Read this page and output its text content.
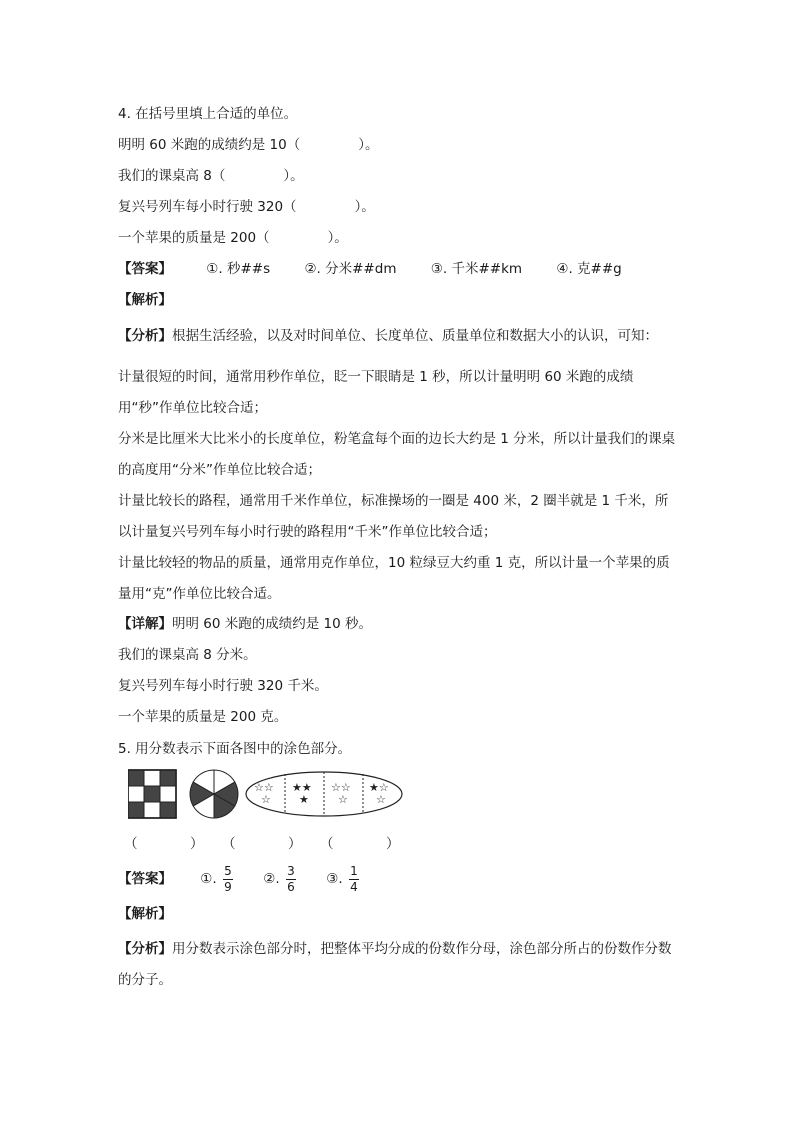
4. 在括号里填上合适的单位。
明明 60 米跑的成绩约是 10（	）。
我们的课桌高 8（	）。
复兴号列车每小时行驶 320（	）。
一个苹果的质量是 200（	）。
【答案】	①. 秒##s	②. 分米##dm	③. 千米##km	④. 克##g
【解析】
【分析】根据生活经验，以及对时间单位、长度单位、质量单位和数据大小的认识，可知：
计量很短的时间，通常用秒作单位，眨一下眼睛是 1 秒，所以计量明明 60 米跑的成绩用“秒”作单位比较合适；
分米是比厘米大比米小的长度单位，粉笔盒每个面的边长大约是 1 分米，所以计量我们的课桌的高度用“分米”作单位比较合适；
计量比较长的路程，通常用千米作单位，标准操场的一圈是 400 米，2 圈半就是 1 千米，所以计量复兴号列车每小时行驶的路程用“千米”作单位比较合适；
计量比较轻的物品的质量，通常用克作单位，10 粒绿豆大约重 1 克，所以计量一个苹果的质量用“克”作单位比较合适。
【详解】明明 60 米跑的成绩约是 10 秒。
我们的课桌高 8 分米。
复兴号列车每小时行驶 320 千米。
一个苹果的质量是 200 克。
5. 用分数表示下面各图中的涂色部分。
☆☆
☆
★★
★
☆☆
☆
★☆
☆
（	） （	） （	）
【答案】 ①. $\frac{5}{9}$ ②. $\frac{3}{6}$ ③. $\frac{1}{4}$
【解析】
【分析】用分数表示涂色部分时，把整体平均分成的份数作分母，涂色部分所占的份数作分数的分子。
